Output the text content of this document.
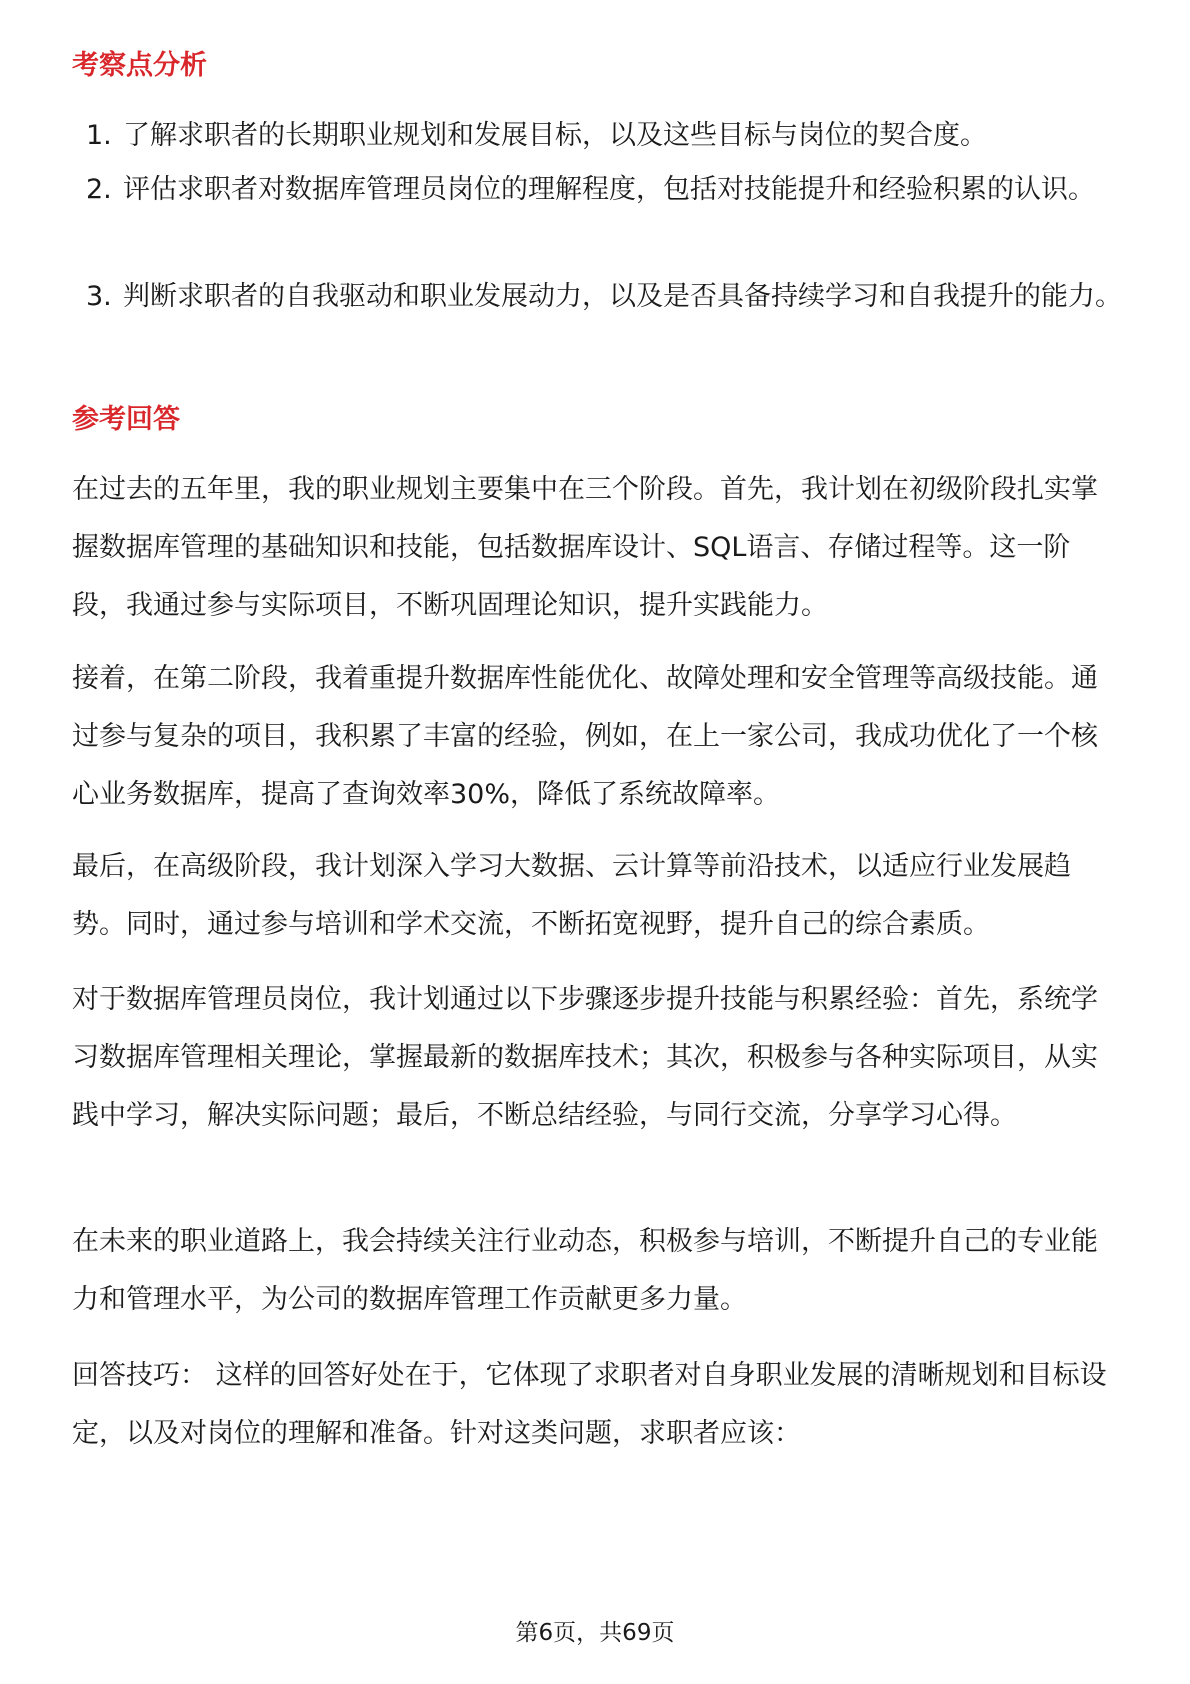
考察点分析
1. 了解求职者的长期职业规划和发展目标，以及这些目标与岗位的契合度。
2. 评估求职者对数据库管理员岗位的理解程度，包括对技能提升和经验积累的认识。
3. 判断求职者的自我驱动和职业发展动力，以及是否具备持续学习和自我提升的能力。
参考回答
在过去的五年里，我的职业规划主要集中在三个阶段。首先，我计划在初级阶段扎实掌握数据库管理的基础知识和技能，包括数据库设计、SQL语言、存储过程等。这一阶段，我通过参与实际项目，不断巩固理论知识，提升实践能力。
接着，在第二阶段，我着重提升数据库性能优化、故障处理和安全管理等高级技能。通过参与复杂的项目，我积累了丰富的经验，例如，在上一家公司，我成功优化了一个核心业务数据库，提高了查询效率30%，降低了系统故障率。
最后，在高级阶段，我计划深入学习大数据、云计算等前沿技术，以适应行业发展趋势。同时，通过参与培训和学术交流，不断拓宽视野，提升自己的综合素质。
对于数据库管理员岗位，我计划通过以下步骤逐步提升技能与积累经验：首先，系统学习数据库管理相关理论，掌握最新的数据库技术；其次，积极参与各种实际项目，从实践中学习，解决实际问题；最后，不断总结经验，与同行交流，分享学习心得。
在未来的职业道路上，我会持续关注行业动态，积极参与培训，不断提升自己的专业能力和管理水平，为公司的数据库管理工作贡献更多力量。
回答技巧： 这样的回答好处在于，它体现了求职者对自身职业发展的清晰规划和目标设定，以及对岗位的理解和准备。针对这类问题，求职者应该：
第6页，共69页
